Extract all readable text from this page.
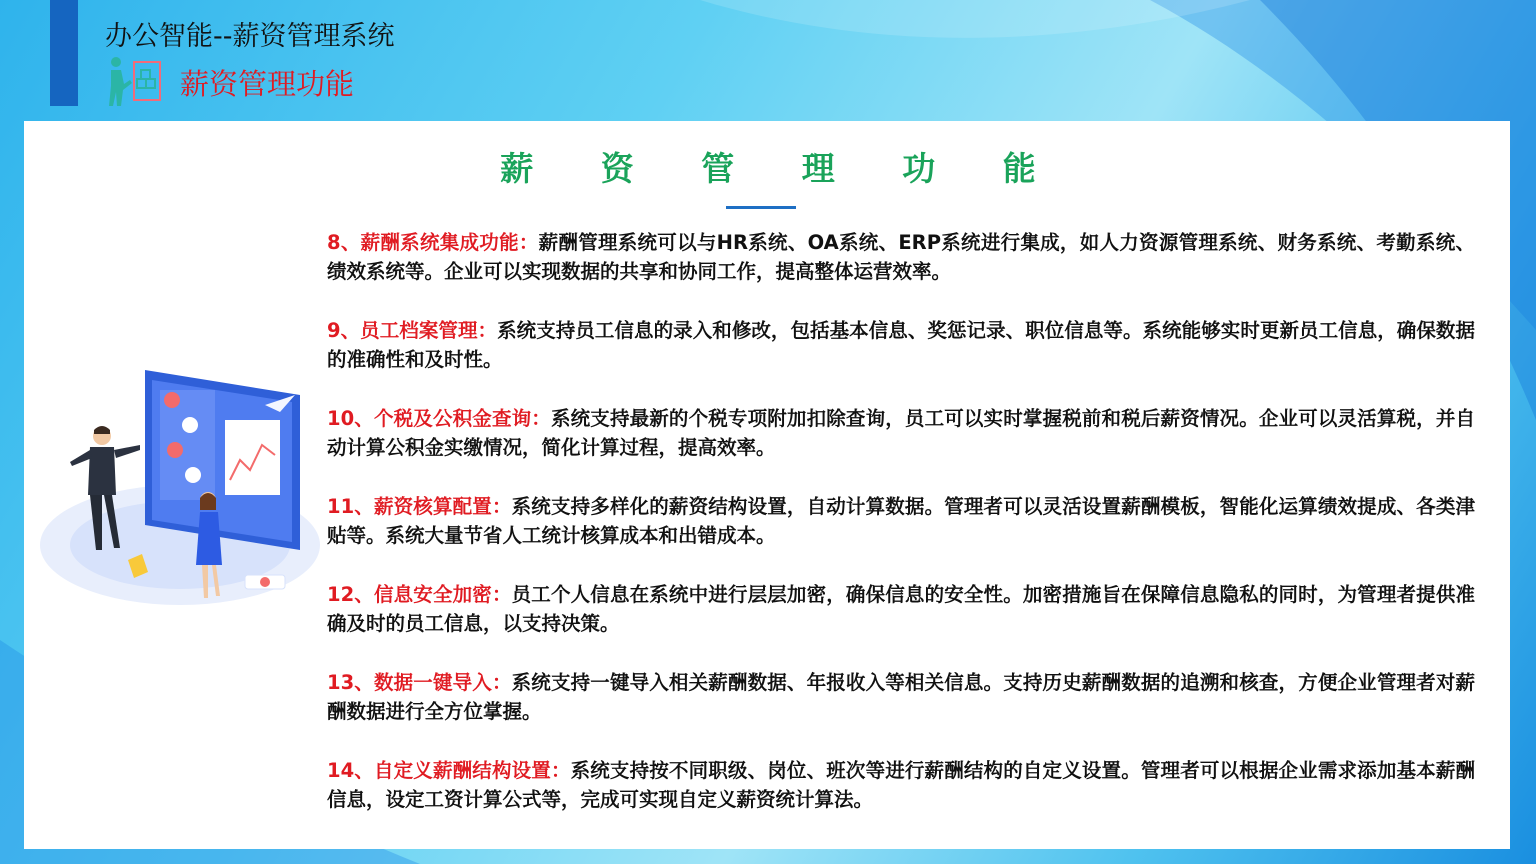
办公智能--薪资管理系统
薪资管理功能
薪 资 管 理 功 能
8、薪酬系统集成功能：薪酬管理系统可以与HR系统、OA系统、ERP系统进行集成，如人力资源管理系统、财务系统、考勤系统、绩效系统等。企业可以实现数据的共享和协同工作，提高整体运营效率。
9、员工档案管理：系统支持员工信息的录入和修改，包括基本信息、奖惩记录、职位信息等。系统能够实时更新员工信息，确保数据的准确性和及时性。
10、个税及公积金查询：系统支持最新的个税专项附加扣除查询，员工可以实时掌握税前和税后薪资情况。企业可以灵活算税，并自动计算公积金实缴情况，简化计算过程，提高效率。
11、薪资核算配置：系统支持多样化的薪资结构设置，自动计算数据。管理者可以灵活设置薪酬模板，智能化运算绩效提成、各类津贴等。系统大量节省人工统计核算成本和出错成本。
12、信息安全加密：员工个人信息在系统中进行层层加密，确保信息的安全性。加密措施旨在保障信息隐私的同时，为管理者提供准确及时的员工信息，以支持决策。
13、数据一键导入：系统支持一键导入相关薪酬数据、年报收入等相关信息。支持历史薪酬数据的追溯和核查，方便企业管理者对薪酬数据进行全方位掌握。
14、自定义薪酬结构设置：系统支持按不同职级、岗位、班次等进行薪酬结构的自定义设置。管理者可以根据企业需求添加基本薪酬信息，设定工资计算公式等，完成可实现自定义薪资统计算法。
